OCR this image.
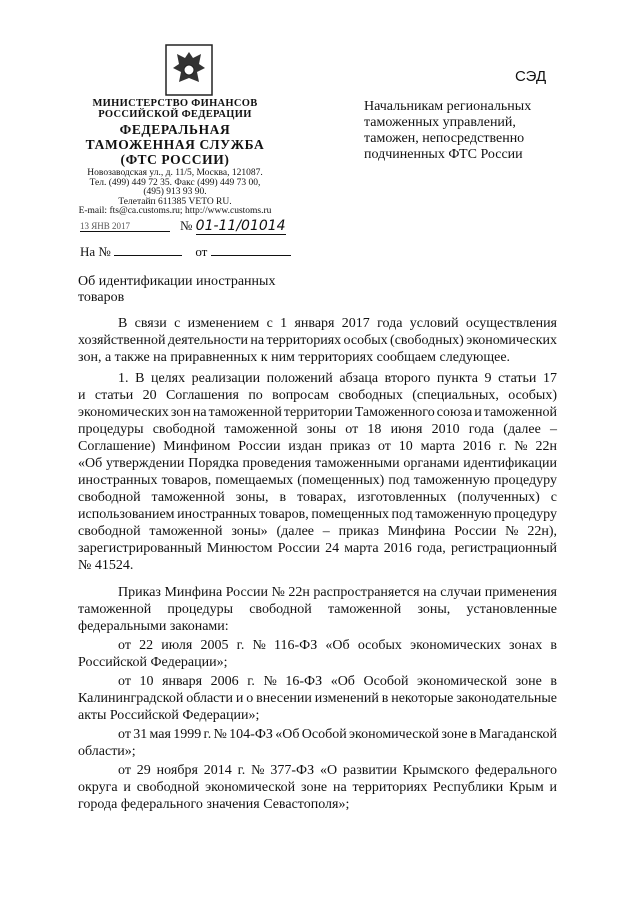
СЭД
МИНИСТЕРСТВО ФИНАНСОВ
РОССИЙСКОЙ ФЕДЕРАЦИИ
ФЕДЕРАЛЬНАЯ
ТАМОЖЕННАЯ СЛУЖБА
(ФТС РОССИИ)
Новозаводская ул., д. 11/5, Москва, 121087.
Тел. (499) 449 72 35. Факс (499) 449 73 00,
(495) 913 93 90.
Телетайп 611385 VETO RU.
E-mail: fts@ca.customs.ru; http://www.customs.ru
13 ЯНВ 2017	№ 01-11/01014
На №	от
Начальникам региональных
таможенных управлений,
таможен, непосредственно
подчиненных ФТС России
Об идентификации иностранных
товаров
В связи с изменением с 1 января 2017 года условий осуществления
хозяйственной деятельности на территориях особых (свободных) экономических
зон, а также на приравненных к ним территориях сообщаем следующее.
1. В целях реализации положений абзаца второго пункта 9 статьи 17
и статьи 20 Соглашения по вопросам свободных (специальных, особых)
экономических зон на таможенной территории Таможенного союза и таможенной
процедуры свободной таможенной зоны от 18 июня 2010 года (далее –
Соглашение) Минфином России издан приказ от 10 марта 2016 г. № 22н
«Об утверждении Порядка проведения таможенными органами идентификации
иностранных товаров, помещаемых (помещенных) под таможенную процедуру
свободной таможенной зоны, в товарах, изготовленных (полученных) с
использованием иностранных товаров, помещенных под таможенную процедуру
свободной таможенной зоны» (далее – приказ Минфина России № 22н),
зарегистрированный Минюстом России 24 марта 2016 года, регистрационный
№ 41524.
Приказ Минфина России № 22н распространяется на случаи применения
таможенной процедуры свободной таможенной зоны, установленные
федеральными законами:
от 22 июля 2005 г. № 116-ФЗ «Об особых экономических зонах в
Российской Федерации»;
от 10 января 2006 г. № 16-ФЗ «Об Особой экономической зоне в
Калининградской области и о внесении изменений в некоторые законодательные
акты Российской Федерации»;
от 31 мая 1999 г. № 104-ФЗ «Об Особой экономической зоне в Магаданской
области»;
от 29 ноября 2014 г. № 377-ФЗ «О развитии Крымского федерального
округа и свободной экономической зоне на территориях Республики Крым и
города федерального значения Севастополя»;
